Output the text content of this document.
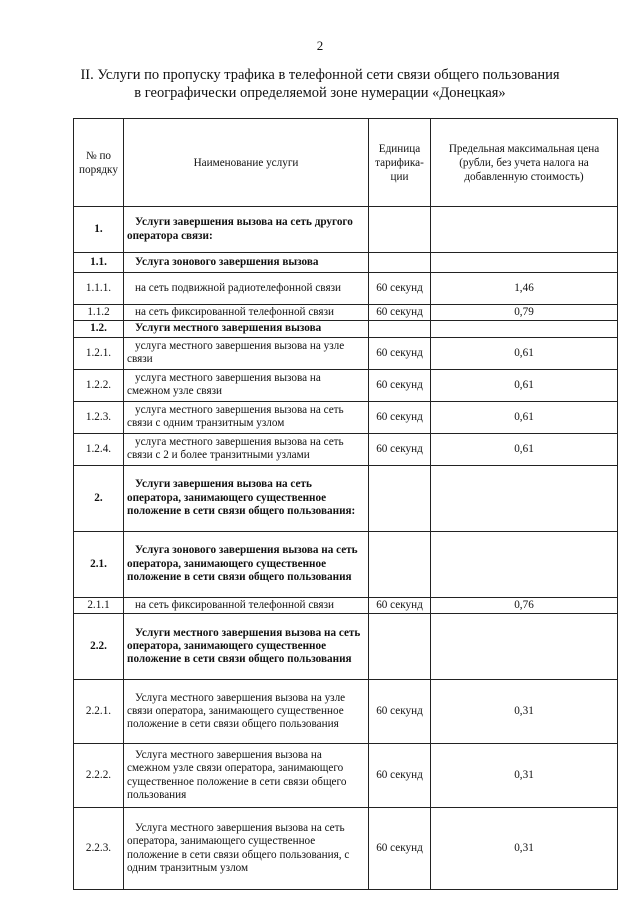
2
II. Услуги по пропуску трафика в телефонной сети связи общего пользования
в географически определяемой зоне нумерации «Донецкая»
№ по порядку	Наименование услуги	Единица тарифика-ции	Предельная максимальная цена (рубли, без учета налога на добавленную стоимость)
1.	Услуги завершения вызова на сеть другого оператора связи:		
1.1.	Услуга зонового завершения вызова		
1.1.1.	на сеть подвижной радиотелефонной связи	60 секунд	1,46
1.1.2	на сеть фиксированной телефонной связи	60 секунд	0,79
1.2.	Услуги местного завершения вызова		
1.2.1.	услуга местного завершения вызова на узле связи	60 секунд	0,61
1.2.2.	услуга местного завершения вызова на смежном узле связи	60 секунд	0,61
1.2.3.	услуга местного завершения вызова на сеть связи с одним транзитным узлом	60 секунд	0,61
1.2.4.	услуга местного завершения вызова на сеть связи с 2 и более транзитными узлами	60 секунд	0,61
2.	Услуги завершения вызова на сеть оператора, занимающего существенное положение в сети связи общего пользования:		
2.1.	Услуга зонового завершения вызова на сеть оператора, занимающего существенное положение в сети связи общего пользования		
2.1.1	на сеть фиксированной телефонной связи	60 секунд	0,76
2.2.	Услуги местного завершения вызова на сеть оператора, занимающего существенное положение в сети связи общего пользования		
2.2.1.	Услуга местного завершения вызова на узле связи оператора, занимающего существенное положение в сети связи общего пользования	60 секунд	0,31
2.2.2.	Услуга местного завершения вызова на смежном узле связи оператора, занимающего существенное положение в сети связи общего пользования	60 секунд	0,31
2.2.3.	Услуга местного завершения вызова на сеть оператора, занимающего существенное положение в сети связи общего пользования, с одним транзитным узлом	60 секунд	0,31
